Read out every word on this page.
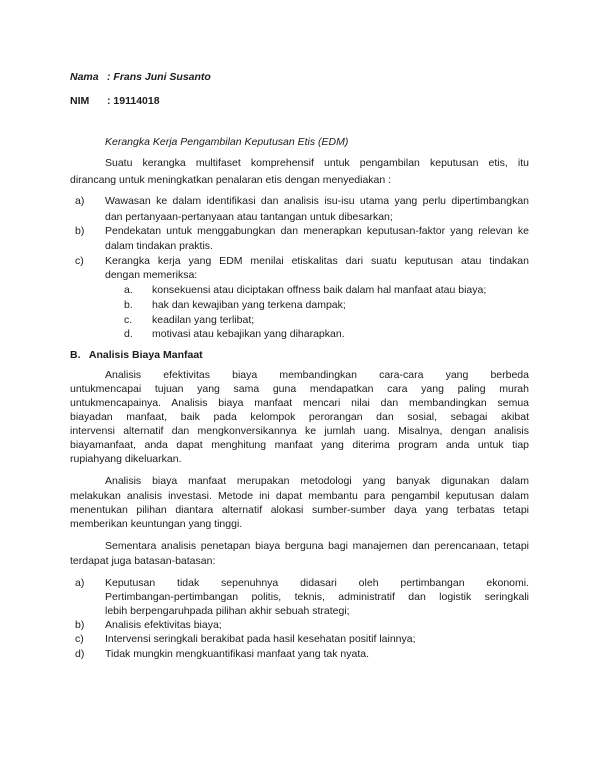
Nama : Frans Juni Susanto
NIM : 19114018
Kerangka Kerja Pengambilan Keputusan Etis (EDM)
Suatu kerangka multifaset komprehensif untuk pengambilan keputusan etis, itu
dirancang untuk meningkatkan penalaran etis dengan menyediakan :
a) Wawasan ke dalam identifikasi dan analisis isu-isu utama yang perlu dipertimbangkan
dan pertanyaan-pertanyaan atau tantangan untuk dibesarkan;
b) Pendekatan untuk menggabungkan dan menerapkan keputusan-faktor yang relevan ke
dalam tindakan praktis.
c) Kerangka kerja yang EDM menilai etiskalitas dari suatu keputusan atau tindakan
dengan memeriksa:
a. konsekuensi atau diciptakan offness baik dalam hal manfaat atau biaya;
b. hak dan kewajiban yang terkena dampak;
c. keadilan yang terlibat;
d. motivasi atau kebajikan yang diharapkan.
B.   Analisis Biaya Manfaat
Analisis efektivitas biaya membandingkan cara-cara yang berbeda
untukmencapai tujuan yang sama guna mendapatkan cara yang paling murah
untukmencapainya. Analisis biaya manfaat mencari nilai dan membandingkan semua
biayadan manfaat, baik pada kelompok perorangan dan sosial, sebagai akibat
intervensi alternatif dan mengkonversikannya ke jumlah uang. Misalnya, dengan analisis
biayamanfaat, anda dapat menghitung manfaat yang diterima program anda untuk tiap
rupiahyang dikeluarkan.
Analisis biaya manfaat merupakan metodologi yang banyak digunakan dalam
melakukan analisis investasi. Metode ini dapat membantu para pengambil keputusan dalam
menentukan pilihan diantara alternatif alokasi sumber-sumber daya yang terbatas tetapi
memberikan keuntungan yang tinggi.
Sementara analisis penetapan biaya berguna bagi manajemen dan perencanaan, tetapi
terdapat juga batasan-batasan:
a) Keputusan tidak sepenuhnya didasari oleh pertimbangan ekonomi.
Pertimbangan-pertimbangan politis, teknis, administratif dan logistik seringkali
lebih berpengaruhpada pilihan akhir sebuah strategi;
b) Analisis efektivitas biaya;
c) Intervensi seringkali berakibat pada hasil kesehatan positif lainnya;
d) Tidak mungkin mengkuantifikasi manfaat yang tak nyata.
